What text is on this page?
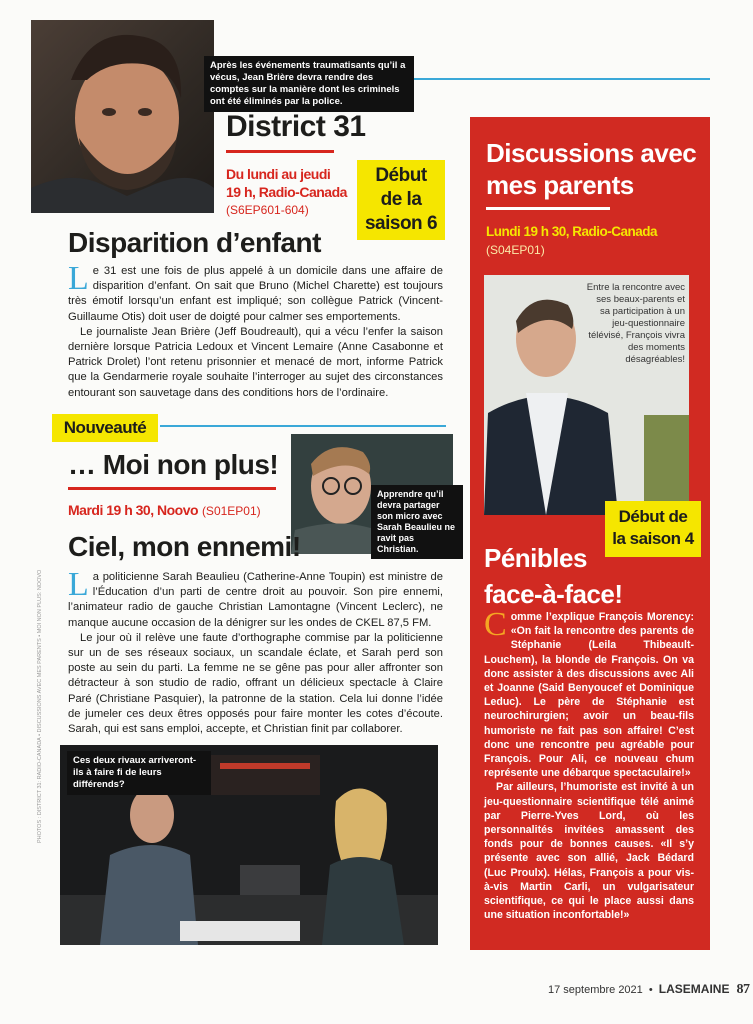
Après les événements traumatisants qu’il a vécus, Jean Brière devra rendre des comptes sur la manière dont les criminels ont été éliminés par la police.
District 31
Du lundi au jeudi
19 h, Radio-Canada
(S6EP601-604)
Début
de la
saison 6
Disparition d’enfant

Le 31 est une fois de plus appelé à un domicile dans une affaire de disparition d’enfant. On sait que Bruno (Michel Charette) est toujours très émotif lorsqu’un enfant est impliqué; son collègue Patrick (Vincent-Guillaume Otis) doit user de doigté pour calmer ses emportements.

Le journaliste Jean Brière (Jeff Boudreault), qui a vécu l’enfer la saison dernière lorsque Patricia Ledoux et Vincent Lemaire (Anne Casabonne et Patrick Drolet) l’ont retenu prisonnier et menacé de mort, informe Patrick que la Gendarmerie royale souhaite l’interroger au sujet des circonstances entourant son sauvetage dans des conditions hors de l’ordinaire.

Nouveauté
… Moi non plus!
Mardi 19 h 30, Noovo (S01EP01)
Apprendre qu’il devra partager son micro avec Sarah Beaulieu ne ravit pas Christian.
Ciel, mon ennemi!

La politicienne Sarah Beaulieu (Catherine-Anne Toupin) est ministre de l’Éducation d’un parti de centre droit au pouvoir. Son pire ennemi, l’animateur radio de gauche Christian Lamontagne (Vincent Leclerc), ne manque aucune occasion de la dénigrer sur les ondes de CKEL 87,5 FM.

Le jour où il relève une faute d’orthographe commise par la politicienne sur un de ses réseaux sociaux, un scandale éclate, et Sarah perd son poste au sein du parti. La femme ne se gêne pas pour aller affronter son détracteur à son studio de radio, offrant un délicieux spectacle à Claire Paré (Christiane Pasquier), la patronne de la station. Cela lui donne l’idée de jumeler ces deux êtres opposés pour faire monter les cotes d’écoute. Sarah, qui est sans emploi, accepte, et Christian finit par collaborer.

Ces deux rivaux arriveront-ils à faire fi de leurs différends?
Discussions avec
mes parents
Lundi 19 h 30, Radio-Canada
(S04EP01)
Entre la rencontre avec ses beaux-parents et sa participation à un jeu-questionnaire télévisé, François vivra des moments désagréables!
Début de
la saison 4
Pénibles
face-à-face!

Comme l’explique François Morency: «On fait la rencontre des parents de Stéphanie (Leila Thibeault-Louchem), la blonde de François. On va donc assister à des discussions avec Ali et Joanne (Said Benyoucef et Dominique Leduc). Le père de Stéphanie est neurochirurgien; avoir un beau-fils humoriste ne fait pas son affaire! C’est donc une rencontre peu agréable pour François. Pour Ali, ce nouveau chum représente une débarque spectaculaire!»

Par ailleurs, l’humoriste est invité à un jeu-questionnaire scientifique télé animé par Pierre-Yves Lord, où les personnalités invitées amassent des fonds pour de bonnes causes. «Il s’y présente avec son allié, Jack Bédard (Luc Proulx). Hélas, François a pour vis-à-vis Martin Carli, un vulgarisateur scientifique, ce qui le place aussi dans une situation inconfortable!»

PHOTOS : DISTRICT 31: RADIO-CANADA • DISCUSSIONS AVEC MES PARENTS • MOI NON PLUS: NOOVO
17 septembre 2021 • LASEMAINE 87
